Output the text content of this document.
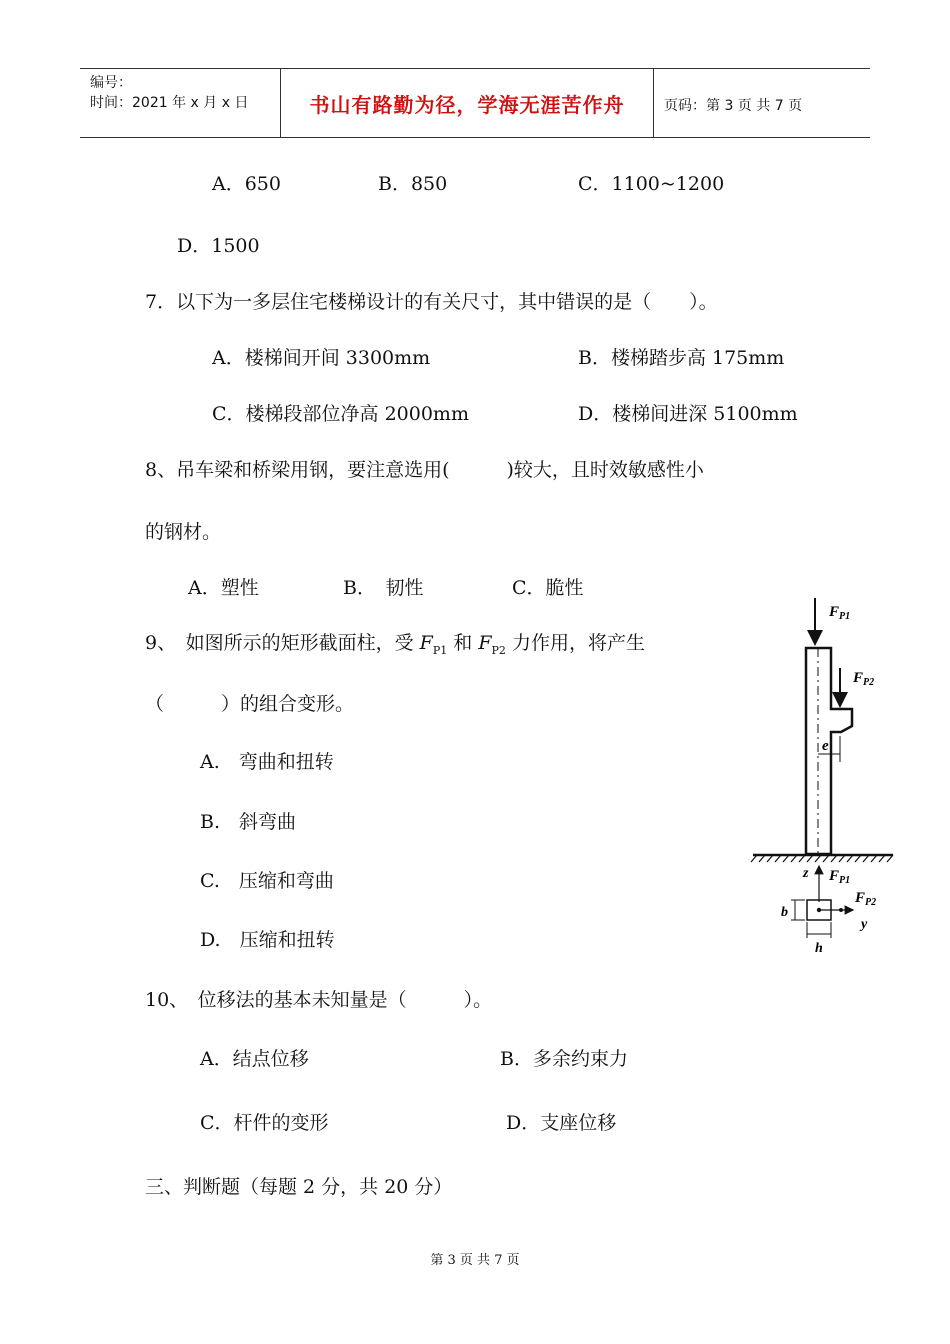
编号：
时间：2021 年 x 月 x 日	书山有路勤为径，学海无涯苦作舟	页码：第 3 页 共 7 页
A．650	B．850	C．1100~1200
D．1500
7．以下为一多层住宅楼梯设计的有关尺寸，其中错误的是（　　）。
A．楼梯间开间 3300mm	B．楼梯踏步高 175mm
C．楼梯段部位净高 2000mm	D．楼梯间进深 5100mm
8、吊车梁和桥梁用钢，要注意选用(　　　)较大，且时效敏感性小
的钢材。
A．塑性	B．　韧性	C．脆性
9、　如图所示的矩形截面柱，受 $F_{P1}$ 和 $F_{P2}$ 力作用，将产生
（　　　）的组合变形。
A.　弯曲和扭转
B.　斜弯曲
C.　压缩和弯曲
D.　压缩和扭转
$F_{P1}$
$F_{P2}$
e
z $F_{P1}$
$F_{P2}$
y
b
h
10、　位移法的基本未知量是（　　　）。
A．结点位移	B．多余约束力
C．杆件的变形	D．支座位移
三、判断题（每题 2 分，共 20 分）
第 3 页 共 7 页
